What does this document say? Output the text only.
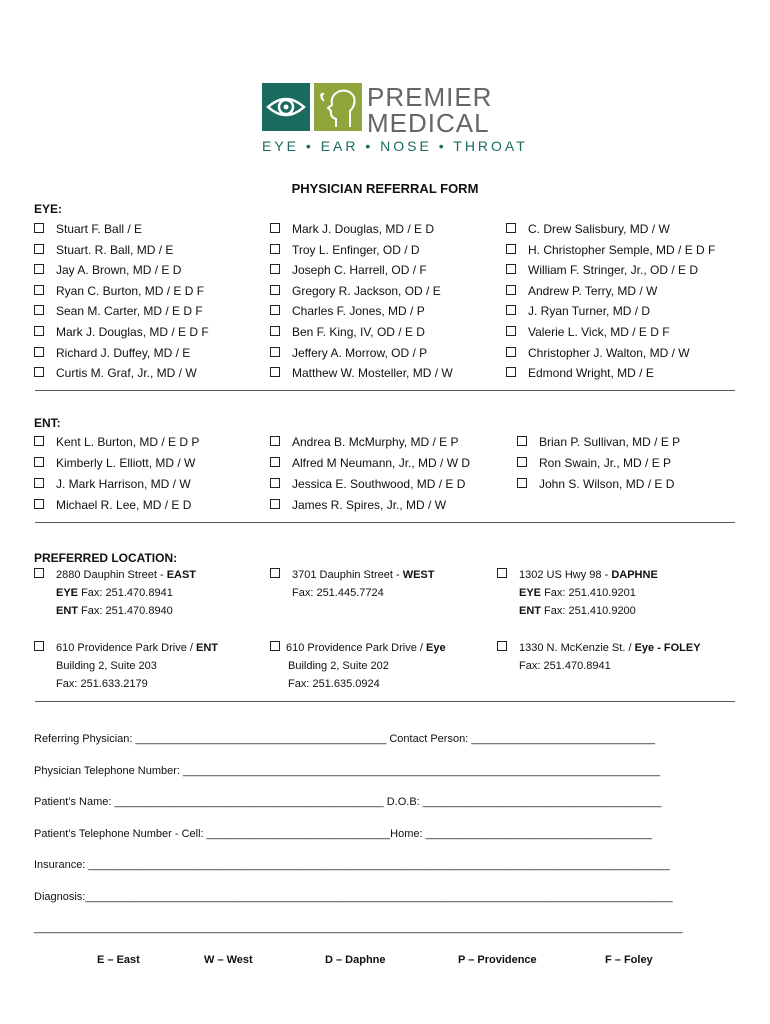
PREMIER
MEDICAL
EYE • EAR • NOSE • THROAT
PHYSICIAN REFERRAL FORM
EYE:
Stuart F. Ball / E
Stuart. R. Ball, MD / E
Jay A. Brown, MD / E D
Ryan C. Burton, MD / E D F
Sean M. Carter, MD / E D F
Mark J. Douglas, MD / E D F
Richard J. Duffey, MD / E
Curtis M. Graf, Jr., MD / W
Mark J. Douglas, MD / E D
Troy L. Enfinger, OD / D
Joseph C. Harrell, OD / F
Gregory R. Jackson, OD / E
Charles F. Jones, MD / P
Ben F. King, IV, OD / E D
Jeffery A. Morrow, OD / P
Matthew W. Mosteller, MD / W
C. Drew Salisbury, MD / W
H. Christopher Semple, MD / E D F
William F. Stringer, Jr., OD / E D
Andrew P. Terry, MD / W
J. Ryan Turner, MD / D
Valerie L. Vick, MD / E D F
Christopher J. Walton, MD / W
Edmond Wright, MD / E
ENT:
Kent L. Burton, MD / E D P
Kimberly L. Elliott, MD / W
J. Mark Harrison, MD / W
Michael R. Lee, MD / E D
Andrea B. McMurphy, MD / E P
Alfred M Neumann, Jr., MD / W D
Jessica E. Southwood, MD / E D
James R. Spires, Jr., MD / W
Brian P. Sullivan, MD / E P
Ron Swain, Jr., MD / E P
John S. Wilson, MD / E D
PREFERRED LOCATION:
2880 Dauphin Street - EAST
EYE Fax: 251.470.8941
ENT Fax: 251.470.8940
3701 Dauphin Street - WEST
Fax: 251.445.7724
1302 US Hwy 98 - DAPHNE
EYE Fax: 251.410.9201
ENT Fax: 251.410.9200
610 Providence Park Drive / ENT
Building 2, Suite 203
Fax: 251.633.2179
610 Providence Park Drive / Eye
Building 2, Suite 202
Fax: 251.635.0924
1330 N. McKenzie St. / Eye - FOLEY
Fax: 251.470.8941
Referring Physician: _________________________________________ Contact Person: ______________________________
Physician Telephone Number: ______________________________________________________________________________
Patient’s Name: ____________________________________________ D.O.B: _______________________________________
Patient’s Telephone Number - Cell: ______________________________Home: _____________________________________
Insurance: _______________________________________________________________________________________________
Diagnosis:________________________________________________________________________________________________
__________________________________________________________________________________________________________
E – East	W – West	D – Daphne	P – Providence	F – Foley
